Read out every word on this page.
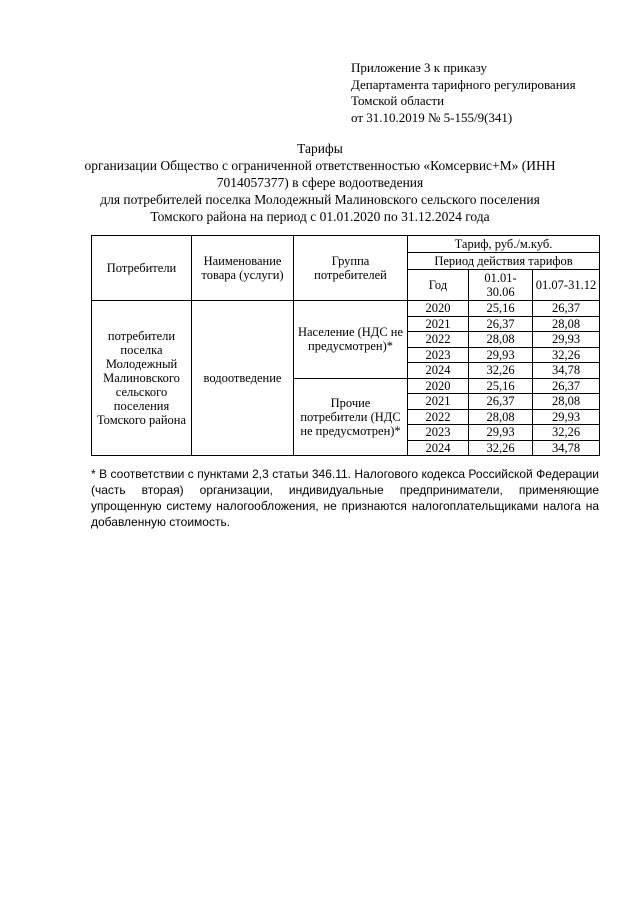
Приложение 3 к приказу
Департамента тарифного регулирования
Томской области
от 31.10.2019 № 5-155/9(341)
Тарифы
организации Общество с ограниченной ответственностью «Комсервис+М» (ИНН
7014057377) в сфере водоотведения
для потребителей поселка Молодежный Малиновского сельского поселения
Томского района на период с 01.01.2020 по 31.12.2024 года
Потребители	Наименование товара (услуги)	Группа потребителей	Тариф, руб./м.куб.		
			Период действия тарифов		
			Год	01.01-30.06	01.07-31.12
потребители поселка Молодежный Малиновского сельского поселения Томского района	водоотведение	Население (НДС не предусмотрен)*	2020	25,16	26,37
			2021	26,37	28,08
			2022	28,08	29,93
			2023	29,93	32,26
			2024	32,26	34,78
		Прочие потребители (НДС не предусмотрен)*	2020	25,16	26,37
			2021	26,37	28,08
			2022	28,08	29,93
			2023	29,93	32,26
			2024	32,26	34,78
* В соответствии с пунктами 2,3 статьи 346.11. Налогового кодекса Российской Федерации (часть вторая) организации, индивидуальные предприниматели, применяющие упрощенную систему налогообложения, не признаются налогоплательщиками налога на добавленную стоимость.
